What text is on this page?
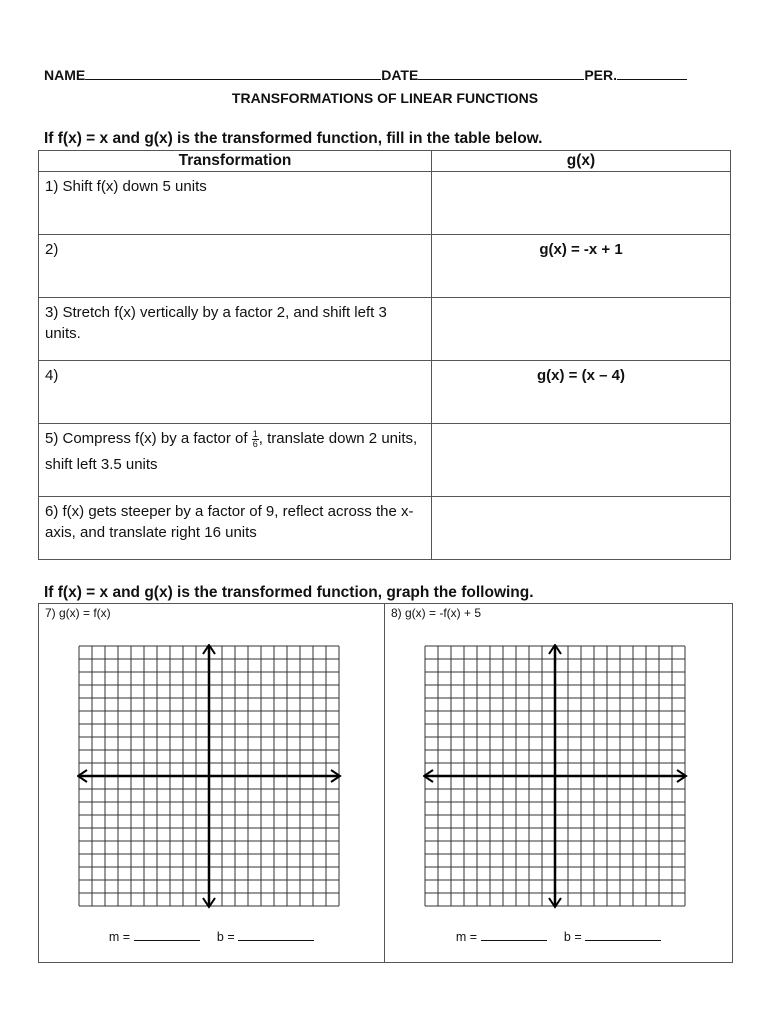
NAME	DATE	PER.
TRANSFORMATIONS OF LINEAR FUNCTIONS
If f(x) = x and g(x) is the transformed function, fill in the table below.
Transformation	g(x)
1) Shift f(x) down 5 units	
2)	g(x) = -x + 1
3) Stretch f(x) vertically by a factor 2, and shift left 3 units.	
4)	g(x) = (x – 4)
5) Compress f(x) by a factor of $\frac{1}{6}$ , translate down 2 units, shift left 3.5 units	
6) f(x) gets steeper by a factor of 9, reflect across the x-axis, and translate right 16 units	
If f(x) = x and g(x) is the transformed function, graph the following.
7) g(x) = f(x)
m =	b =
8) g(x) = -f(x) + 5
m =	b =
